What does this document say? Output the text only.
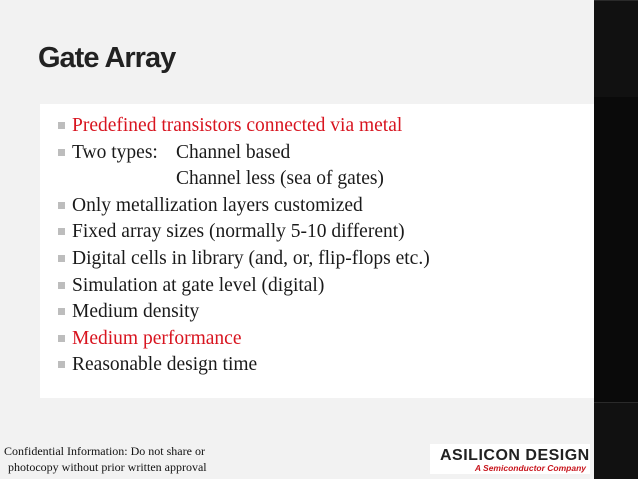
Gate Array
Predefined transistors connected via metal
Two types: Channel based
Channel less (sea of gates)
Only metallization layers customized
Fixed array sizes (normally 5-10 different)
Digital cells in library (and, or, flip-flops etc.)
Simulation at gate level (digital)
Medium density
Medium performance
Reasonable design time
Confidential Information: Do not share or
photocopy without prior written approval
ASILICON DESIGN
A Semiconductor Company
